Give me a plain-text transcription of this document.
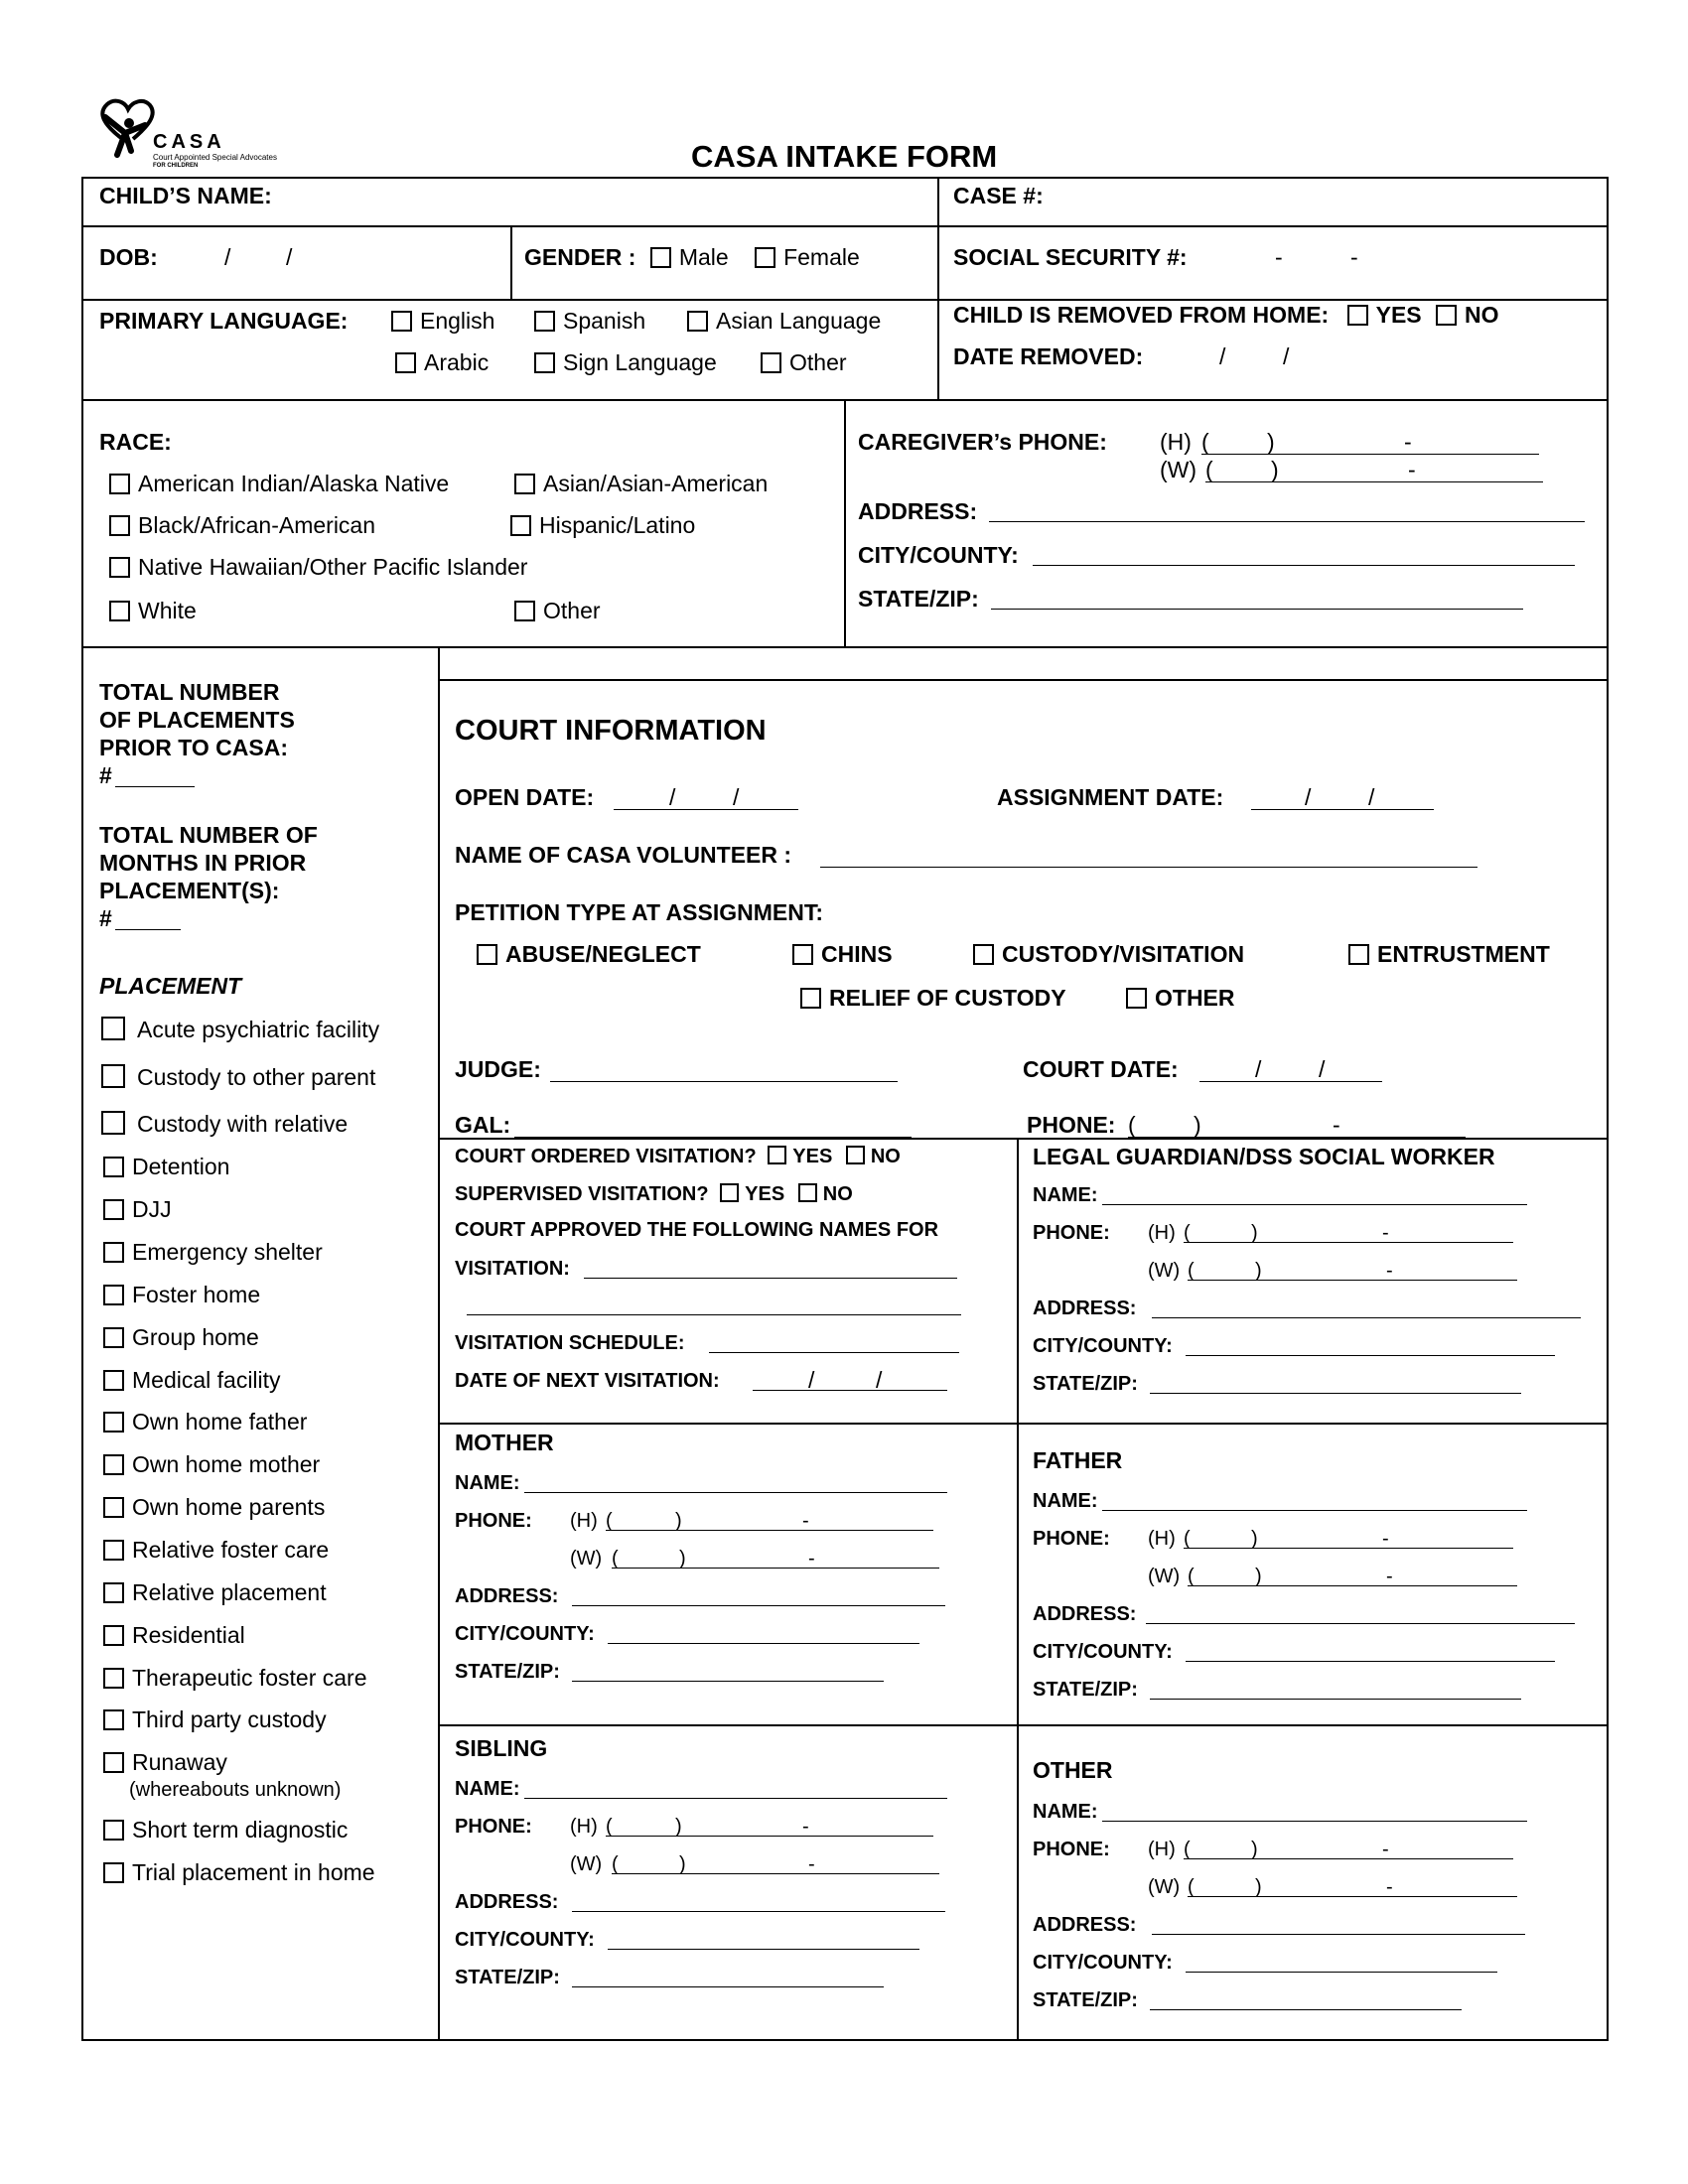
CASA
Court Appointed Special Advocates
FOR CHILDREN	CASA INTAKE FORM
CHILD’S NAME:	CASE #:
DOB:	/ /	GENDER : Male Female	SOCIAL SECURITY #:	-	-
PRIMARY LANGUAGE:	English	Spanish	Asian Language
Arabic	Sign Language	Other
CHILD IS REMOVED FROM HOME: YES NO
DATE REMOVED:	/	/
RACE:
American Indian/Alaska Native	Asian/Asian-American
Black/African-American	Hispanic/Latino
Native Hawaiian/Other Pacific Islander
White	Other
CAREGIVER’s PHONE: (H) (	)	-
(W) (	)	-
ADDRESS:
CITY/COUNTY:
STATE/ZIP:
TOTAL NUMBER
OF PLACEMENTS
PRIOR TO CASA:
#
TOTAL NUMBER OF
MONTHS IN PRIOR
PLACEMENT(S):
#
PLACEMENT
Acute psychiatric facility
Custody to other parent
Custody with relative
Detention
DJJ
Emergency shelter
Foster home
Group home
Medical facility
Own home father
Own home mother
Own home parents
Relative foster care
Relative placement
Residential
Therapeutic foster care
Third party custody
Runaway
(whereabouts unknown)
Short term diagnostic
Trial placement in home
COURT INFORMATION
OPEN DATE:	/	/	ASSIGNMENT DATE:	/	/
NAME OF CASA VOLUNTEER :
PETITION TYPE AT ASSIGNMENT:
ABUSE/NEGLECT	CHINS	CUSTODY/VISITATION	ENTRUSTMENT
RELIEF OF CUSTODY	OTHER
JUDGE:	COURT DATE:	/	/
GAL:	PHONE: (	)	-
COURT ORDERED VISITATION? YES NO
SUPERVISED VISITATION? YES NO
COURT APPROVED THE FOLLOWING NAMES FOR
VISITATION:
VISITATION SCHEDULE:
DATE OF NEXT VISITATION:	/	/
LEGAL GUARDIAN/DSS SOCIAL WORKER
NAME:
PHONE: (H) (	)	-
(W) (	)	-
ADDRESS:
CITY/COUNTY:
STATE/ZIP:
MOTHER
NAME:
PHONE: (H) (	)	-
(W) (	)	-
ADDRESS:
CITY/COUNTY:
STATE/ZIP:
FATHER
NAME:
PHONE: (H) (	)	-
(W) (	)	-
ADDRESS:
CITY/COUNTY:
STATE/ZIP:
SIBLING
NAME:
PHONE: (H) (	)	-
(W) (	)	-
ADDRESS:
CITY/COUNTY:
STATE/ZIP:
OTHER
NAME:
PHONE: (H) (	)	-
(W) (	)	-
ADDRESS:
CITY/COUNTY:
STATE/ZIP:
